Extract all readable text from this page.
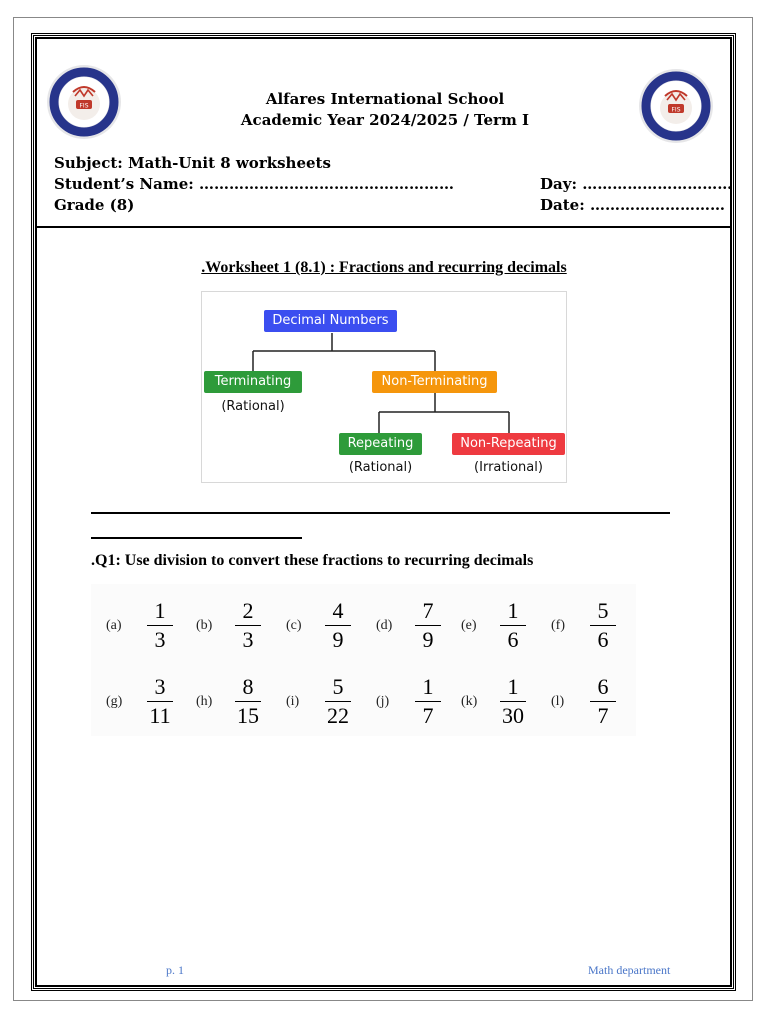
FIS
FIS
Alfares International School
Academic Year 2024/2025 / Term I
Subject: Math-Unit 8 worksheets
Student’s Name: ……………………………………………
Grade (8)
Day: …………………………
Date: ………………………
.Worksheet 1 (8.1) : Fractions and recurring decimals
Decimal Numbers
Terminating
(Rational)
Non-Terminating
Repeating
(Rational)
Non-Repeating
(Irrational)
.Q1: Use division to convert these fractions to recurring decimals
(a)
1
3
(b)
2
3
(c)
4
9
(d)
7
9
(e)
1
6
(f)
5
6
(g)
3
11
(h)
8
15
(i)
5
22
(j)
1
7
(k)
1
30
(l)
6
7
p. 1	Math department
